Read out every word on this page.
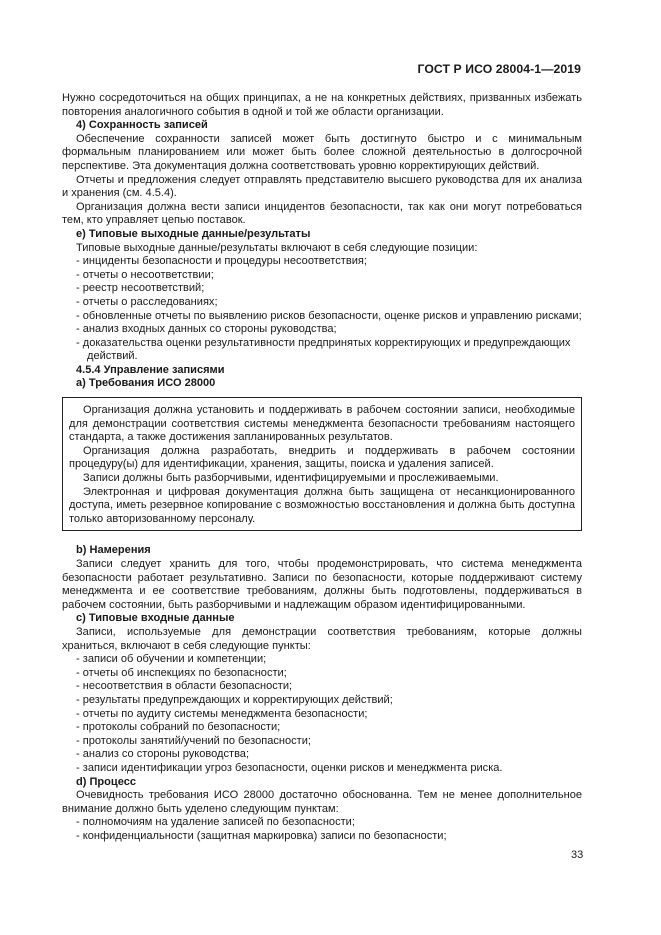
ГОСТ Р ИСО 28004-1—2019

Нужно сосредоточиться на общих принципах, а не на конкретных действиях, призванных избежать повторения аналогичного события в одной и той же области организации.

4) Сохранность записей

Обеспечение сохранности записей может быть достигнуто быстро и с минимальным формальным планированием или может быть более сложной деятельностью в долгосрочной перспективе. Эта документация должна соответствовать уровню корректирующих действий.

Отчеты и предложения следует отправлять представителю высшего руководства для их анализа и хранения (см. 4.5.4).

Организация должна вести записи инцидентов безопасности, так как они могут потребоваться тем, кто управляет цепью поставок.

e) Типовые выходные данные/результаты

Типовые выходные данные/результаты включают в себя следующие позиции:

- инциденты безопасности и процедуры несоответствия;
- отчеты о несоответствии;
- реестр несоответствий;
- отчеты о расследованиях;
- обновленные отчеты по выявлению рисков безопасности, оценке рисков и управлению рисками;
- анализ входных данных со стороны руководства;
- доказательства оценки результативности предпринятых корректирующих и предупреждающих действий.
4.5.4 Управление записями
a) Требования ИСО 28000

Организация должна установить и поддерживать в рабочем состоянии записи, необходимые для демонстрации соответствия системы менеджмента безопасности требованиям настоящего стандарта, а также достижения запланированных результатов.

Организация должна разработать, внедрить и поддерживать в рабочем состоянии процедуру(ы) для идентификации, хранения, защиты, поиска и удаления записей.

Записи должны быть разборчивыми, идентифицируемыми и прослеживаемыми.

Электронная и цифровая документация должна быть защищена от несанкционированного доступа, иметь резервное копирование с возможностью восстановления и должна быть доступна только авторизованному персоналу.

b) Намерения

Записи следует хранить для того, чтобы продемонстрировать, что система менеджмента безопасности работает результативно. Записи по безопасности, которые поддерживают систему менеджмента и ее соответствие требованиям, должны быть подготовлены, поддерживаться в рабочем состоянии, быть разборчивыми и надлежащим образом идентифицированными.

c) Типовые входные данные

Записи, используемые для демонстрации соответствия требованиям, которые должны храниться, включают в себя следующие пункты:

- записи об обучении и компетенции;
- отчеты об инспекциях по безопасности;
- несоответствия в области безопасности;
- результаты предупреждающих и корректирующих действий;
- отчеты по аудиту системы менеджмента безопасности;
- протоколы собраний по безопасности;
- протоколы занятий/учений по безопасности;
- анализ со стороны руководства;
- записи идентификации угроз безопасности, оценки рисков и менеджмента риска.
d) Процесс

Очевидность требования ИСО 28000 достаточно обоснованна. Тем не менее дополнительное внимание должно быть уделено следующим пунктам:

- полномочиям на удаление записей по безопасности;
- конфиденциальности (защитная маркировка) записи по безопасности;
33
